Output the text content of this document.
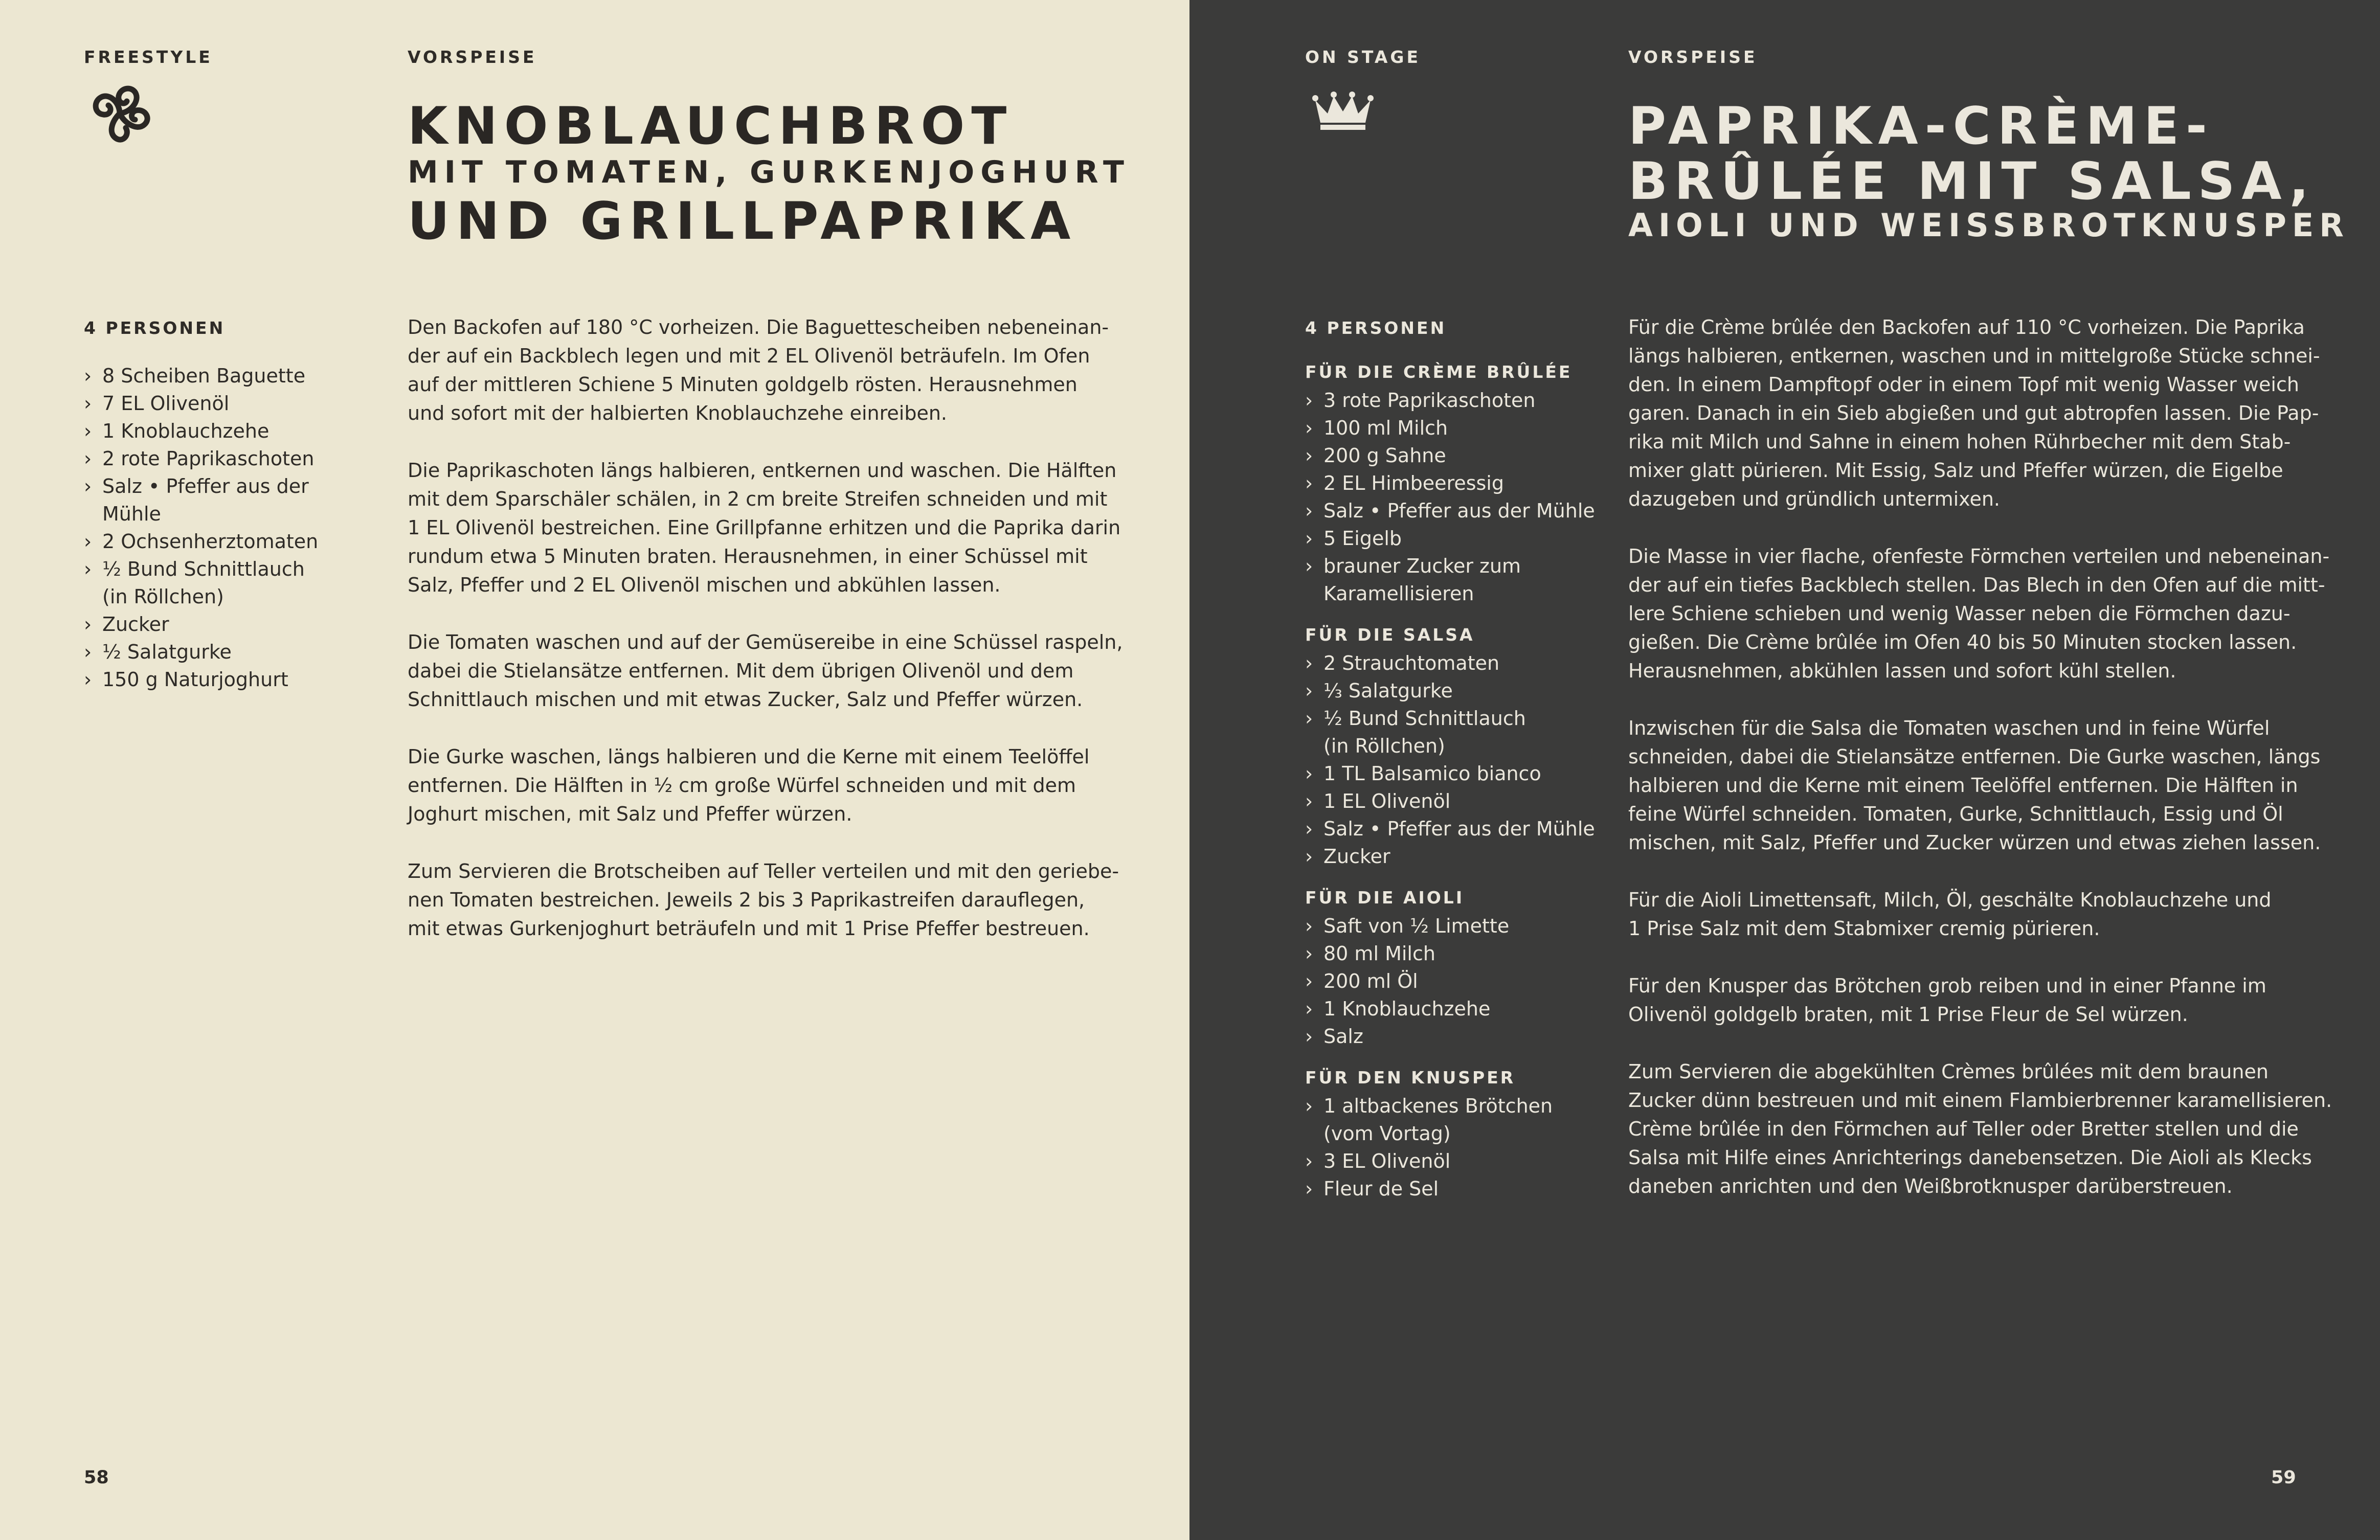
FREESTYLE	VORSPEISE
KNOBLAUCHBROT
MIT TOMATEN, GURKENJOGHURT
UND GRILLPAPRIKA
4 PERSONEN
› 8 Scheiben Baguette
› 7 EL Olivenöl
› 1 Knoblauchzehe
› 2 rote Paprikaschoten
› Salz • Pfeffer aus der Mühle
› 2 Ochsenherztomaten
› ½ Bund Schnittlauch
(in Röllchen)
› Zucker
› ½ Salatgurke
› 150 g Naturjoghurt

Den Backofen auf 180 °C vorheizen. Die Baguettescheiben nebeneinan-
der auf ein Backblech legen und mit 2 EL Olivenöl beträufeln. Im Ofen
auf der mittleren Schiene 5 Minuten goldgelb rösten. Herausnehmen
und sofort mit der halbierten Knoblauchzehe einreiben.

Die Paprikaschoten längs halbieren, entkernen und waschen. Die Hälften
mit dem Sparschäler schälen, in 2 cm breite Streifen schneiden und mit
1 EL Olivenöl bestreichen. Eine Grillpfanne erhitzen und die Paprika darin
rundum etwa 5 Minuten braten. Herausnehmen, in einer Schüssel mit
Salz, Pfeffer und 2 EL Olivenöl mischen und abkühlen lassen.

Die Tomaten waschen und auf der Gemüsereibe in eine Schüssel raspeln,
dabei die Stielansätze entfernen. Mit dem übrigen Olivenöl und dem
Schnittlauch mischen und mit etwas Zucker, Salz und Pfeffer würzen.

Die Gurke waschen, längs halbieren und die Kerne mit einem Teelöffel
entfernen. Die Hälften in ½ cm große Würfel schneiden und mit dem
Joghurt mischen, mit Salz und Pfeffer würzen.

Zum Servieren die Brotscheiben auf Teller verteilen und mit den geriebe-
nen Tomaten bestreichen. Jeweils 2 bis 3 Paprikastreifen darauflegen,
mit etwas Gurkenjoghurt beträufeln und mit 1 Prise Pfeffer bestreuen.

58
ON STAGE	VORSPEISE
PAPRIKA-CRÈME-
BRÛLÉE MIT SALSA,
AIOLI UND WEISSBROTKNUSPER
4 PERSONEN
FÜR DIE CRÈME BRÛLÉE
› 3 rote Paprikaschoten
› 100 ml Milch
› 200 g Sahne
› 2 EL Himbeeressig
› Salz • Pfeffer aus der Mühle
› 5 Eigelb
› brauner Zucker zum
Karamellisieren
FÜR DIE SALSA
› 2 Strauchtomaten
› ⅓ Salatgurke
› ½ Bund Schnittlauch
(in Röllchen)
› 1 TL Balsamico bianco
› 1 EL Olivenöl
› Salz • Pfeffer aus der Mühle
› Zucker
FÜR DIE AIOLI
› Saft von ½ Limette
› 80 ml Milch
› 200 ml Öl
› 1 Knoblauchzehe
› Salz
FÜR DEN KNUSPER
› 1 altbackenes Brötchen
(vom Vortag)
› 3 EL Olivenöl
› Fleur de Sel

Für die Crème brûlée den Backofen auf 110 °C vorheizen. Die Paprika
längs halbieren, entkernen, waschen und in mittelgroße Stücke schnei-
den. In einem Dampftopf oder in einem Topf mit wenig Wasser weich
garen. Danach in ein Sieb abgießen und gut abtropfen lassen. Die Pap-
rika mit Milch und Sahne in einem hohen Rührbecher mit dem Stab-
mixer glatt pürieren. Mit Essig, Salz und Pfeffer würzen, die Eigelbe
dazugeben und gründlich untermixen.

Die Masse in vier flache, ofenfeste Förmchen verteilen und nebeneinan-
der auf ein tiefes Backblech stellen. Das Blech in den Ofen auf die mitt-
lere Schiene schieben und wenig Wasser neben die Förmchen dazu-
gießen. Die Crème brûlée im Ofen 40 bis 50 Minuten stocken lassen.
Herausnehmen, abkühlen lassen und sofort kühl stellen.

Inzwischen für die Salsa die Tomaten waschen und in feine Würfel
schneiden, dabei die Stielansätze entfernen. Die Gurke waschen, längs
halbieren und die Kerne mit einem Teelöffel entfernen. Die Hälften in
feine Würfel schneiden. Tomaten, Gurke, Schnittlauch, Essig und Öl
mischen, mit Salz, Pfeffer und Zucker würzen und etwas ziehen lassen.

Für die Aioli Limettensaft, Milch, Öl, geschälte Knoblauchzehe und
1 Prise Salz mit dem Stabmixer cremig pürieren.

Für den Knusper das Brötchen grob reiben und in einer Pfanne im
Olivenöl goldgelb braten, mit 1 Prise Fleur de Sel würzen.

Zum Servieren die abgekühlten Crèmes brûlées mit dem braunen
Zucker dünn bestreuen und mit einem Flambierbrenner karamellisieren.
Crème brûlée in den Förmchen auf Teller oder Bretter stellen und die
Salsa mit Hilfe eines Anrichterings danebensetzen. Die Aioli als Klecks
daneben anrichten und den Weißbrotknusper darüberstreuen.

59
